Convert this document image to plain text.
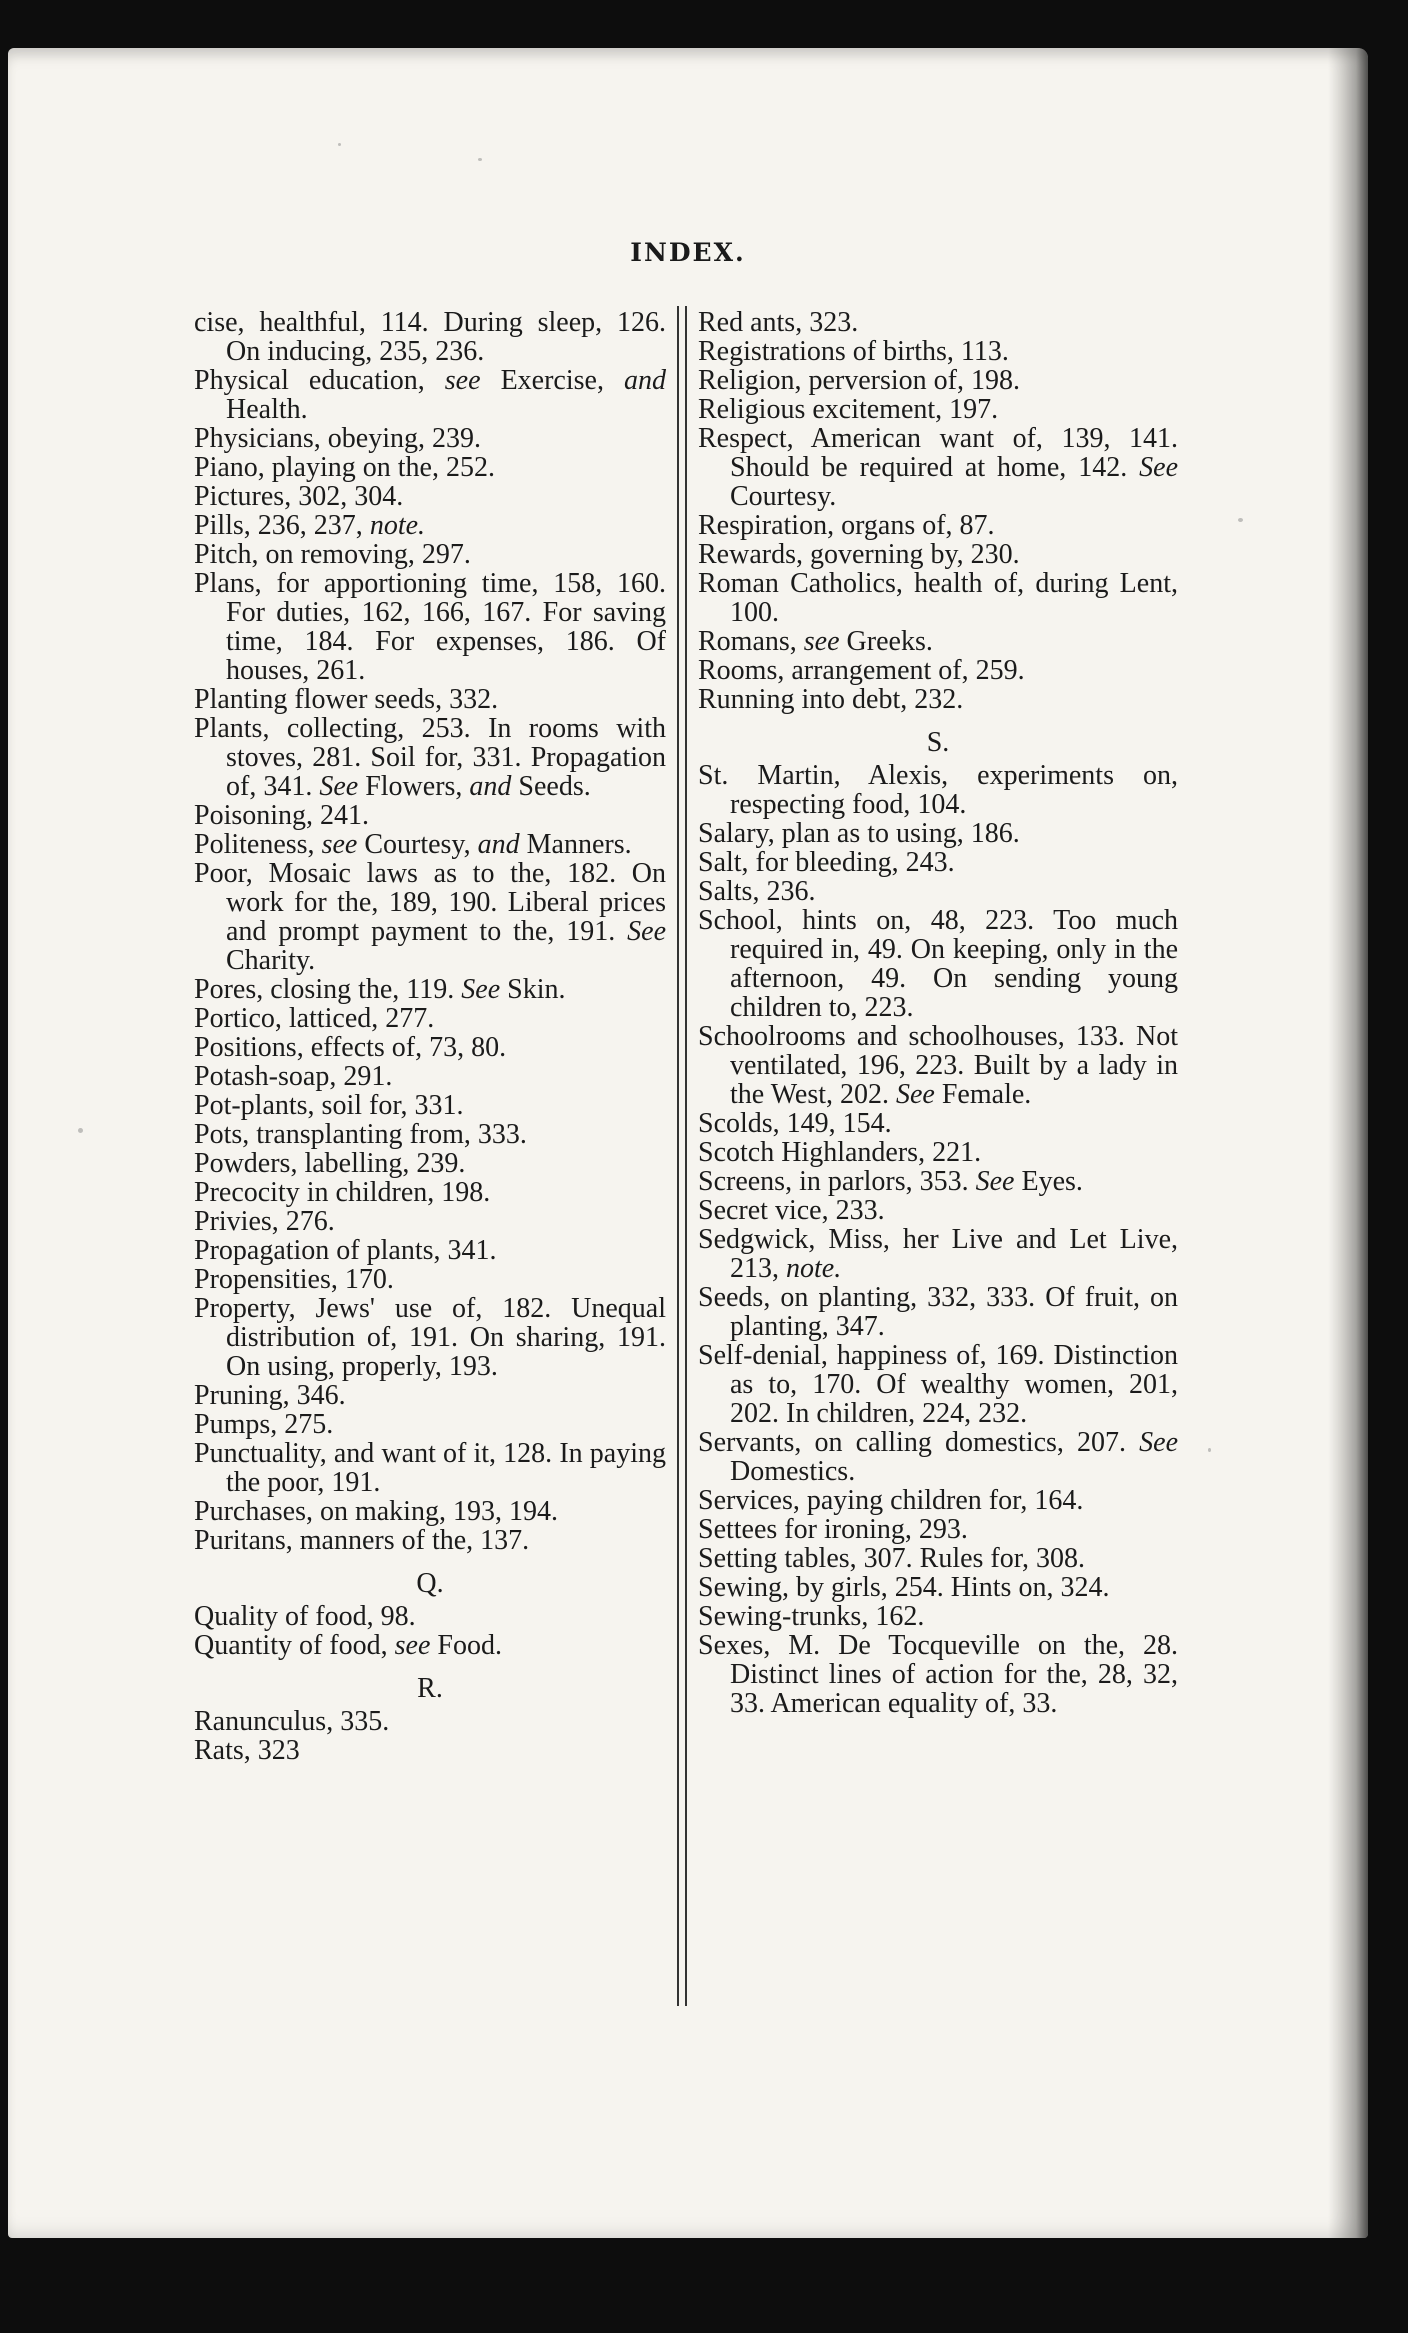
INDEX.

cise, healthful, 114. During sleep, 126. On inducing, 235, 236.

Physical education, see Exercise, and Health.

Physicians, obeying, 239.

Piano, playing on the, 252.

Pictures, 302, 304.

Pills, 236, 237, note.

Pitch, on removing, 297.

Plans, for apportioning time, 158, 160. For duties, 162, 166, 167. For saving time, 184. For expenses, 186. Of houses, 261.

Planting flower seeds, 332.

Plants, collecting, 253. In rooms with stoves, 281. Soil for, 331. Propagation of, 341. See Flowers, and Seeds.

Poisoning, 241.

Politeness, see Courtesy, and Manners.

Poor, Mosaic laws as to the, 182. On work for the, 189, 190. Liberal prices and prompt payment to the, 191. See Charity.

Pores, closing the, 119. See Skin.

Portico, latticed, 277.

Positions, effects of, 73, 80.

Potash-soap, 291.

Pot-plants, soil for, 331.

Pots, transplanting from, 333.

Powders, labelling, 239.

Precocity in children, 198.

Privies, 276.

Propagation of plants, 341.

Propensities, 170.

Property, Jews' use of, 182. Unequal distribution of, 191. On sharing, 191. On using, properly, 193.

Pruning, 346.

Pumps, 275.

Punctuality, and want of it, 128. In paying the poor, 191.

Purchases, on making, 193, 194.

Puritans, manners of the, 137.

Q.

Quality of food, 98.

Quantity of food, see Food.

R.

Ranunculus, 335.

Rats, 323

Red ants, 323.

Registrations of births, 113.

Religion, perversion of, 198.

Religious excitement, 197.

Respect, American want of, 139, 141. Should be required at home, 142. See Courtesy.

Respiration, organs of, 87.

Rewards, governing by, 230.

Roman Catholics, health of, during Lent, 100.

Romans, see Greeks.

Rooms, arrangement of, 259.

Running into debt, 232.

S.

St. Martin, Alexis, experiments on, respecting food, 104.

Salary, plan as to using, 186.

Salt, for bleeding, 243.

Salts, 236.

School, hints on, 48, 223. Too much required in, 49. On keeping, only in the afternoon, 49. On sending young children to, 223.

Schoolrooms and schoolhouses, 133. Not ventilated, 196, 223. Built by a lady in the West, 202. See Female.

Scolds, 149, 154.

Scotch Highlanders, 221.

Screens, in parlors, 353. See Eyes.

Secret vice, 233.

Sedgwick, Miss, her Live and Let Live, 213, note.

Seeds, on planting, 332, 333. Of fruit, on planting, 347.

Self-denial, happiness of, 169. Distinction as to, 170. Of wealthy women, 201, 202. In children, 224, 232.

Servants, on calling domestics, 207. See Domestics.

Services, paying children for, 164.

Settees for ironing, 293.

Setting tables, 307. Rules for, 308.

Sewing, by girls, 254. Hints on, 324.

Sewing-trunks, 162.

Sexes, M. De Tocqueville on the, 28. Distinct lines of action for the, 28, 32, 33. American equality of, 33.
